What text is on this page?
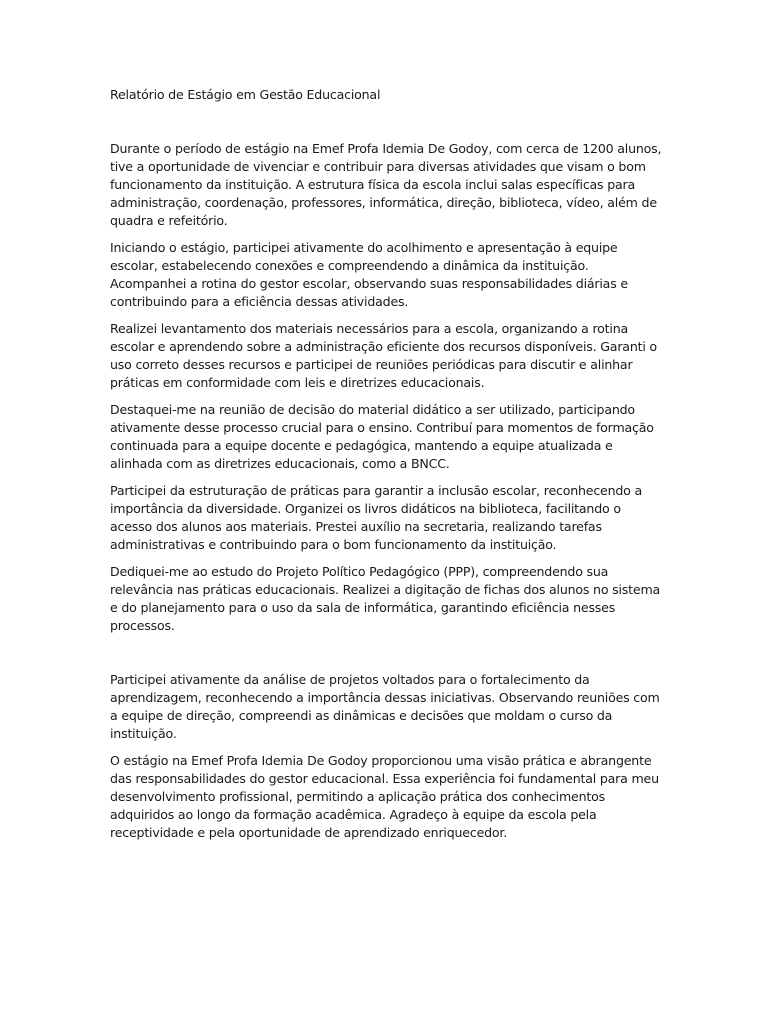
Relatório de Estágio em Gestão Educacional

Durante o período de estágio na Emef Profa Idemia De Godoy, com cerca de 1200 alunos, tive a oportunidade de vivenciar e contribuir para diversas atividades que visam o bom funcionamento da instituição. A estrutura física da escola inclui salas específicas para administração, coordenação, professores, informática, direção, biblioteca, vídeo, além de quadra e refeitório.

Iniciando o estágio, participei ativamente do acolhimento e apresentação à equipe escolar, estabelecendo conexões e compreendendo a dinâmica da instituição. Acompanhei a rotina do gestor escolar, observando suas responsabilidades diárias e contribuindo para a eficiência dessas atividades.

Realizei levantamento dos materiais necessários para a escola, organizando a rotina escolar e aprendendo sobre a administração eficiente dos recursos disponíveis. Garanti o uso correto desses recursos e participei de reuniões periódicas para discutir e alinhar práticas em conformidade com leis e diretrizes educacionais.

Destaquei-me na reunião de decisão do material didático a ser utilizado, participando ativamente desse processo crucial para o ensino. Contribuí para momentos de formação continuada para a equipe docente e pedagógica, mantendo a equipe atualizada e alinhada com as diretrizes educacionais, como a BNCC.

Participei da estruturação de práticas para garantir a inclusão escolar, reconhecendo a importância da diversidade. Organizei os livros didáticos na biblioteca, facilitando o acesso dos alunos aos materiais. Prestei auxílio na secretaria, realizando tarefas administrativas e contribuindo para o bom funcionamento da instituição.

Dediquei-me ao estudo do Projeto Político Pedagógico (PPP), compreendendo sua relevância nas práticas educacionais. Realizei a digitação de fichas dos alunos no sistema e do planejamento para o uso da sala de informática, garantindo eficiência nesses processos.

Participei ativamente da análise de projetos voltados para o fortalecimento da aprendizagem, reconhecendo a importância dessas iniciativas. Observando reuniões com a equipe de direção, compreendi as dinâmicas e decisões que moldam o curso da instituição.

O estágio na Emef Profa Idemia De Godoy proporcionou uma visão prática e abrangente das responsabilidades do gestor educacional. Essa experiência foi fundamental para meu desenvolvimento profissional, permitindo a aplicação prática dos conhecimentos adquiridos ao longo da formação acadêmica. Agradeço à equipe da escola pela receptividade e pela oportunidade de aprendizado enriquecedor.
